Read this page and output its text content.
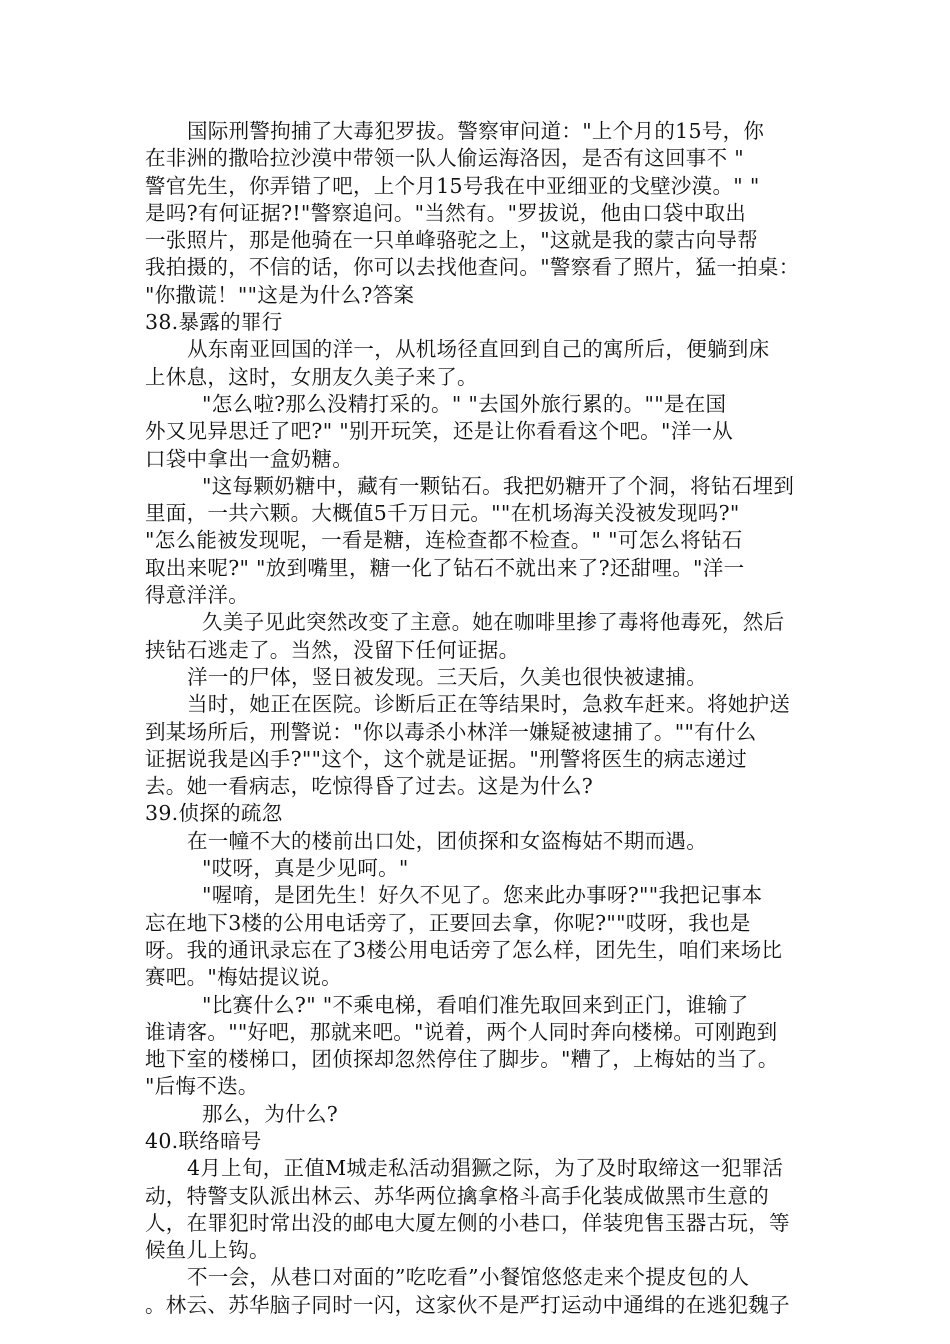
国际刑警拘捕了大毒犯罗拔。警察审问道："上个月的15号，你
在非洲的撒哈拉沙漠中带领一队人偷运海洛因，是否有这回事不 "
警官先生，你弄错了吧，上个月15号我在中亚细亚的戈壁沙漠。" "
是吗?有何证据?!"警察追问。"当然有。"罗拔说，他由口袋中取出
一张照片，那是他骑在一只单峰骆驼之上，"这就是我的蒙古向导帮
我拍摄的，不信的话，你可以去找他查问。"警察看了照片，猛一拍桌：
"你撒谎！""这是为什么?答案
38.暴露的罪行
从东南亚回国的洋一，从机场径直回到自己的寓所后，便躺到床
上休息，这时，女朋友久美子来了。
"怎么啦?那么没精打采的。" "去国外旅行累的。""是在国
外又见异思迁了吧?" "别开玩笑，还是让你看看这个吧。"洋一从
口袋中拿出一盒奶糖。
"这每颗奶糖中，藏有一颗钻石。我把奶糖开了个洞，将钻石埋到
里面，一共六颗。大概值5千万日元。""在机场海关没被发现吗?"
"怎么能被发现呢，一看是糖，连检查都不检查。" "可怎么将钻石
取出来呢?" "放到嘴里，糖一化了钻石不就出来了?还甜哩。"洋一
得意洋洋。
久美子见此突然改变了主意。她在咖啡里掺了毒将他毒死，然后
挟钻石逃走了。当然，没留下任何证据。
洋一的尸体，竖日被发现。三天后，久美也很快被逮捕。
当时，她正在医院。诊断后正在等结果时，急救车赶来。将她护送
到某场所后，刑警说："你以毒杀小林洋一嫌疑被逮捕了。""有什么
证据说我是凶手?""这个，这个就是证据。"刑警将医生的病志递过
去。她一看病志，吃惊得昏了过去。这是为什么?
39.侦探的疏忽
在一幢不大的楼前出口处，团侦探和女盗梅姑不期而遇。
"哎呀，真是少见呵。"
"喔唷，是团先生！好久不见了。您来此办事呀?""我把记事本
忘在地下3楼的公用电话旁了，正要回去拿，你呢?""哎呀，我也是
呀。我的通讯录忘在了3楼公用电话旁了怎么样，团先生，咱们来场比
赛吧。"梅姑提议说。
"比赛什么?" "不乘电梯，看咱们准先取回来到正门，谁输了
谁请客。""好吧，那就来吧。"说着，两个人同时奔向楼梯。可刚跑到
地下室的楼梯口，团侦探却忽然停住了脚步。"糟了，上梅姑的当了。
"后悔不迭。
那么，为什么?
40.联络暗号
4月上旬，正值M城走私活动猖獗之际，为了及时取缔这一犯罪活
动，特警支队派出林云、苏华两位擒拿格斗高手化装成做黑市生意的
人，在罪犯时常出没的邮电大厦左侧的小巷口，佯装兜售玉器古玩，等
候鱼儿上钩。
不一会，从巷口对面的”吃吃看”小餐馆悠悠走来个提皮包的人
。林云、苏华脑子同时一闪，这家伙不是严打运动中通缉的在逃犯魏子
